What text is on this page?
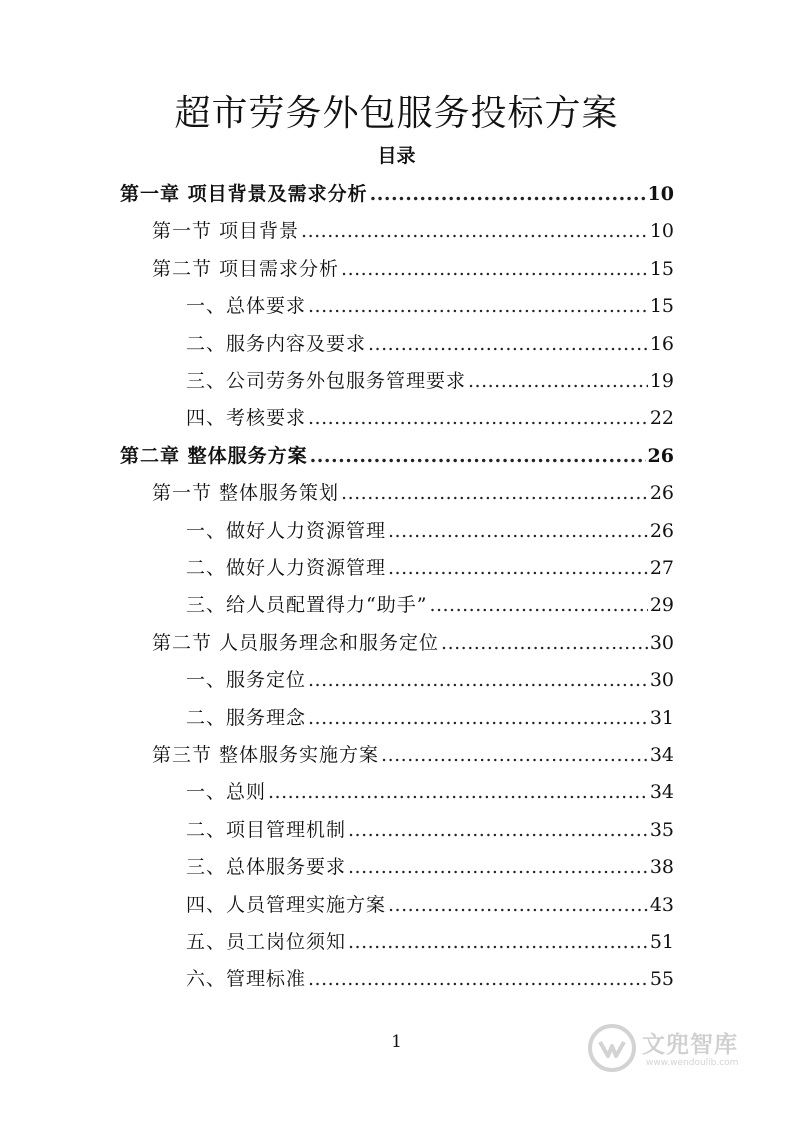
超市劳务外包服务投标方案
目录
第一章 项目背景及需求分析 .....	10
第一节 项目背景 .....	10
第二节 项目需求分析 .....	15
一、总体要求 .....	15
二、服务内容及要求 .....	16
三、公司劳务外包服务管理要求 .....	19
四、考核要求 .....	22
第二章 整体服务方案 .....	26
第一节 整体服务策划 .....	26
一、做好人力资源管理 .....	26
二、做好人力资源管理 .....	27
三、给人员配置得力“助手” .....	29
第二节 人员服务理念和服务定位 .....	30
一、服务定位 .....	30
二、服务理念 .....	31
第三节 整体服务实施方案 .....	34
一、总则 .....	34
二、项目管理机制 .....	35
三、总体服务要求 .....	38
四、人员管理实施方案 .....	43
五、员工岗位须知 .....	51
六、管理标准 .....	55
1	文兜智库
www.wendoulib.com
